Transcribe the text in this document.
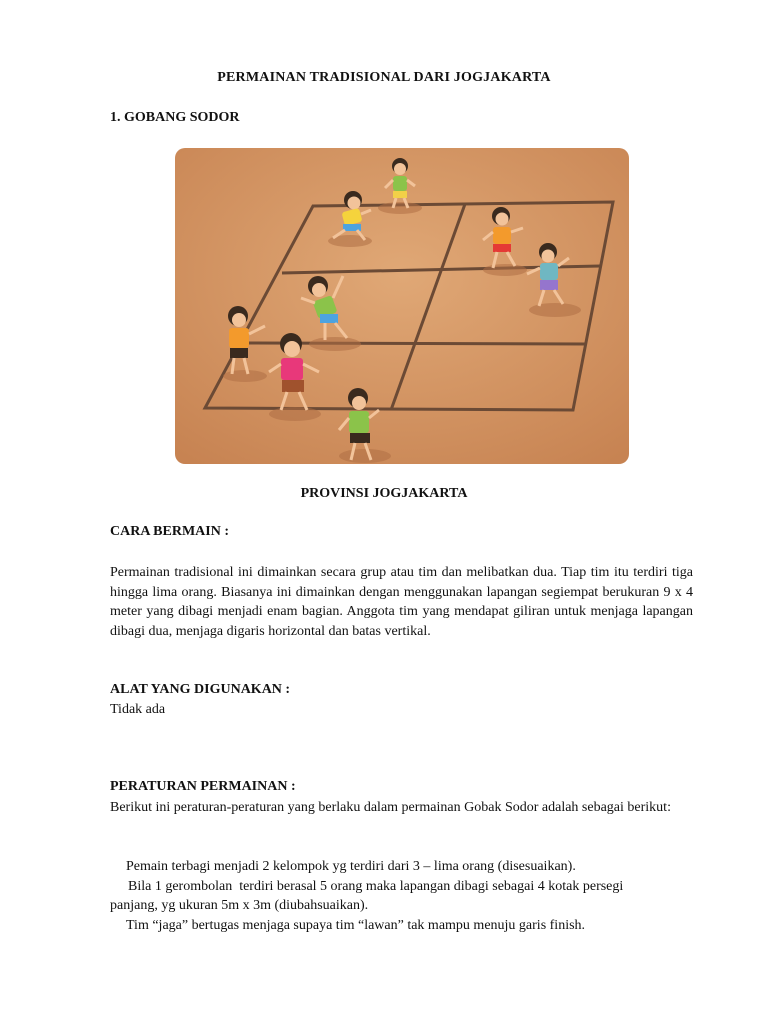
PERMAINAN TRADISIONAL DARI JOGJAKARTA
1. GOBANG SODOR
PROVINSI JOGJAKARTA
CARA BERMAIN :
Permainan tradisional ini dimainkan secara grup atau tim dan melibatkan dua. Tiap tim itu terdiri tiga hingga lima orang. Biasanya ini dimainkan dengan menggunakan lapangan segiempat berukuran 9 x 4 meter yang dibagi menjadi enam bagian. Anggota tim yang mendapat giliran untuk menjaga lapangan dibagi dua, menjaga digaris horizontal dan batas vertikal.
ALAT YANG DIGUNAKAN :
Tidak ada
PERATURAN PERMAINAN :
Berikut ini peraturan-peraturan yang berlaku dalam permainan Gobak Sodor adalah sebagai berikut:
Pemain terbagi menjadi 2 kelompok yg terdiri dari 3 – lima orang (disesuaikan).
Bila 1 gerombolan  terdiri berasal 5 orang maka lapangan dibagi sebagai 4 kotak persegi
panjang, yg ukuran 5m x 3m (diubahsuaikan).
Tim “jaga” bertugas menjaga supaya tim “lawan” tak mampu menuju garis finish.
